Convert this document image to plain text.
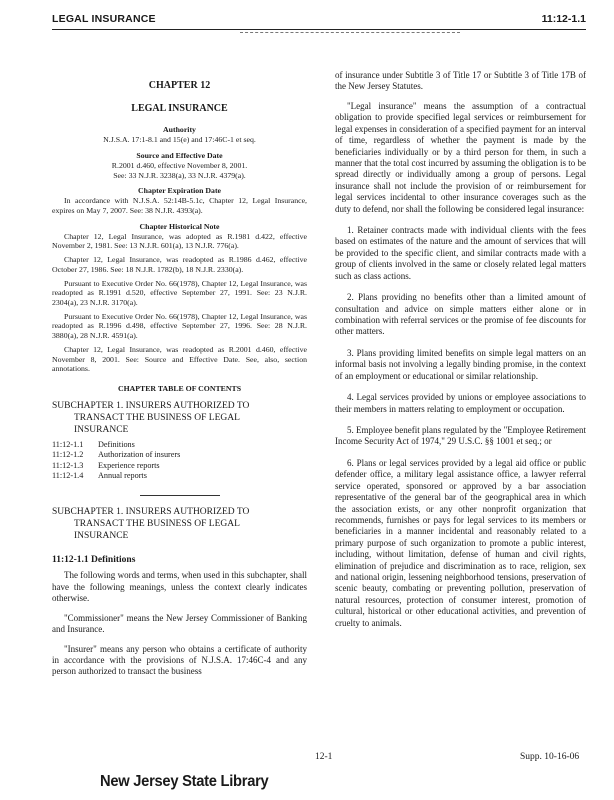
LEGAL INSURANCE	11:12-1.1
CHAPTER 12
LEGAL INSURANCE
Authority
N.J.S.A. 17:1-8.1 and 15(e) and 17:46C-1 et seq.
Source and Effective Date
R.2001 d.460, effective November 8, 2001.
See: 33 N.J.R. 3238(a), 33 N.J.R. 4379(a).
Chapter Expiration Date

In accordance with N.J.S.A. 52:14B-5.1c, Chapter 12, Legal Insurance, expires on May 7, 2007. See: 38 N.J.R. 4393(a).

Chapter Historical Note

Chapter 12, Legal Insurance, was adopted as R.1981 d.422, effective November 2, 1981. See: 13 N.J.R. 601(a), 13 N.J.R. 776(a).

Chapter 12, Legal Insurance, was readopted as R.1986 d.462, effective October 27, 1986. See: 18 N.J.R. 1782(b), 18 N.J.R. 2330(a).

Pursuant to Executive Order No. 66(1978), Chapter 12, Legal Insurance, was readopted as R.1991 d.520, effective September 27, 1991. See: 23 N.J.R. 2304(a), 23 N.J.R. 3170(a).

Pursuant to Executive Order No. 66(1978), Chapter 12, Legal Insurance, was readopted as R.1996 d.498, effective September 27, 1996. See: 28 N.J.R. 3880(a), 28 N.J.R. 4591(a).

Chapter 12, Legal Insurance, was readopted as R.2001 d.460, effective November 8, 2001. See: Source and Effective Date. See, also, section annotations.

CHAPTER TABLE OF CONTENTS
SUBCHAPTER 1. INSURERS AUTHORIZED TO
TRANSACT THE BUSINESS OF LEGAL
INSURANCE
11:12-1.1 Definitions
11:12-1.2 Authorization of insurers
11:12-1.3 Experience reports
11:12-1.4 Annual reports
SUBCHAPTER 1. INSURERS AUTHORIZED TO
TRANSACT THE BUSINESS OF LEGAL
INSURANCE
11:12-1.1 Definitions

The following words and terms, when used in this subchapter, shall have the following meanings, unless the context clearly indicates otherwise.

"Commissioner" means the New Jersey Commissioner of Banking and Insurance.

"Insurer" means any person who obtains a certificate of authority in accordance with the provisions of N.J.S.A. 17:46C-4 and any person authorized to transact the business

of insurance under Subtitle 3 of Title 17 or Subtitle 3 of Title 17B of the New Jersey Statutes.

"Legal insurance" means the assumption of a contractual obligation to provide specified legal services or reimbursement for legal expenses in consideration of a specified payment for an interval of time, regardless of whether the payment is made by the beneficiaries individually or by a third person for them, in such a manner that the total cost incurred by assuming the obligation is to be spread directly or individually among a group of persons. Legal insurance shall not include the provision of or reimbursement for legal services incidental to other insurance coverages such as the duty to defend, nor shall the following be considered legal insurance:

1. Retainer contracts made with individual clients with the fees based on estimates of the nature and the amount of services that will be provided to the specific client, and similar contracts made with a group of clients involved in the same or closely related legal matters such as class actions.

2. Plans providing no benefits other than a limited amount of consultation and advice on simple matters either alone or in combination with referral services or the promise of fee discounts for other matters.

3. Plans providing limited benefits on simple legal matters on an informal basis not involving a legally binding promise, in the context of an employment or educational or similar relationship.

4. Legal services provided by unions or employee associations to their members in matters relating to employment or occupation.

5. Employee benefit plans regulated by the "Employee Retirement Income Security Act of 1974," 29 U.S.C. §§ 1001 et seq.; or

6. Plans or legal services provided by a legal aid office or public defender office, a military legal assistance office, a lawyer referral service operated, sponsored or approved by a bar association representative of the general bar of the geographical area in which the association exists, or any other nonprofit organization that recommends, furnishes or pays for legal services to its members or beneficiaries in a manner incidental and reasonably related to a primary purpose of such organization to promote a public interest, including, without limitation, defense of human and civil rights, elimination of prejudice and discrimination as to race, religion, sex and national origin, lessening neighborhood tensions, preservation of scenic beauty, combating or preventing pollution, preservation of natural resources, protection of consumer interest, promotion of cultural, historical or other educational activities, and prevention of cruelty to animals.

12-1	Supp. 10-16-06
New Jersey State Library
